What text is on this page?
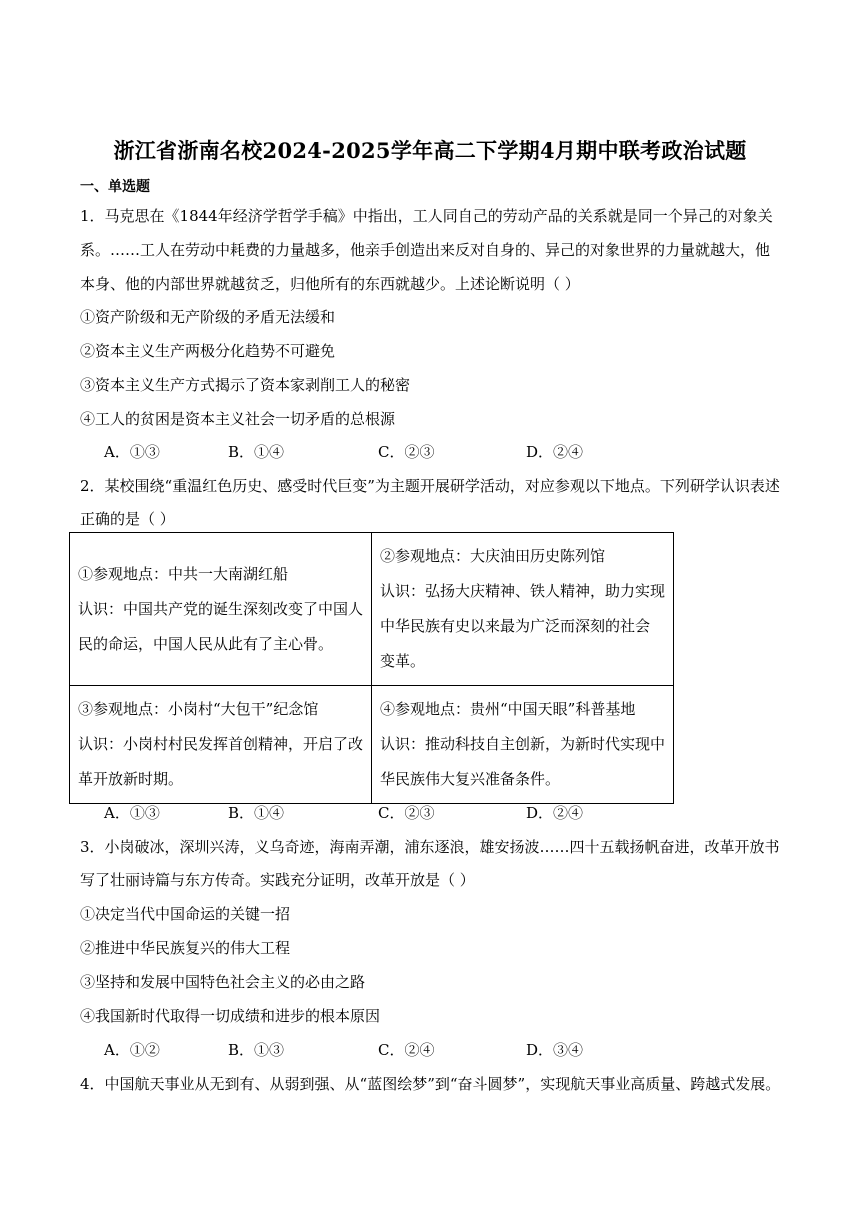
浙江省浙南名校2024-2025学年高二下学期4月期中联考政治试题
一、单选题
1．马克思在《1844年经济学哲学手稿》中指出，工人同自己的劳动产品的关系就是同一个异己的对象关
系。……工人在劳动中耗费的力量越多，他亲手创造出来反对自身的、异己的对象世界的力量就越大，他
本身、他的内部世界就越贫乏，归他所有的东西就越少。上述论断说明（ ）
①资产阶级和无产阶级的矛盾无法缓和
②资本主义生产两极分化趋势不可避免
③资本主义生产方式揭示了资本家剥削工人的秘密
④工人的贫困是资本主义社会一切矛盾的总根源
A．①③	B．①④	C．②③	D．②④
2．某校围绕“重温红色历史、感受时代巨变”为主题开展研学活动，对应参观以下地点。下列研学认识表述
正确的是（ ）
①参观地点：中共一大南湖红船
认识：中国共产党的诞生深刻改变了中国人
民的命运，中国人民从此有了主心骨。	②参观地点：大庆油田历史陈列馆
认识：弘扬大庆精神、铁人精神，助力实现
中华民族有史以来最为广泛而深刻的社会
变革。

③参观地点：小岗村“大包干”纪念馆
认识：小岗村村民发挥首创精神，开启了改
革开放新时期。	④参观地点：贵州“中国天眼”科普基地
认识：推动科技自主创新，为新时代实现中
华民族伟大复兴准备条件。
A．①③	B．①④	C．②③	D．②④
3．小岗破冰，深圳兴涛，义乌奇迹，海南弄潮，浦东逐浪，雄安扬波……四十五载扬帆奋进，改革开放书
写了壮丽诗篇与东方传奇。实践充分证明，改革开放是（ ）
①决定当代中国命运的关键一招
②推进中华民族复兴的伟大工程
③坚持和发展中国特色社会主义的必由之路
④我国新时代取得一切成绩和进步的根本原因
A．①②	B．①③	C．②④	D．③④
4．中国航天事业从无到有、从弱到强、从“蓝图绘梦”到“奋斗圆梦”，实现航天事业高质量、跨越式发展。
